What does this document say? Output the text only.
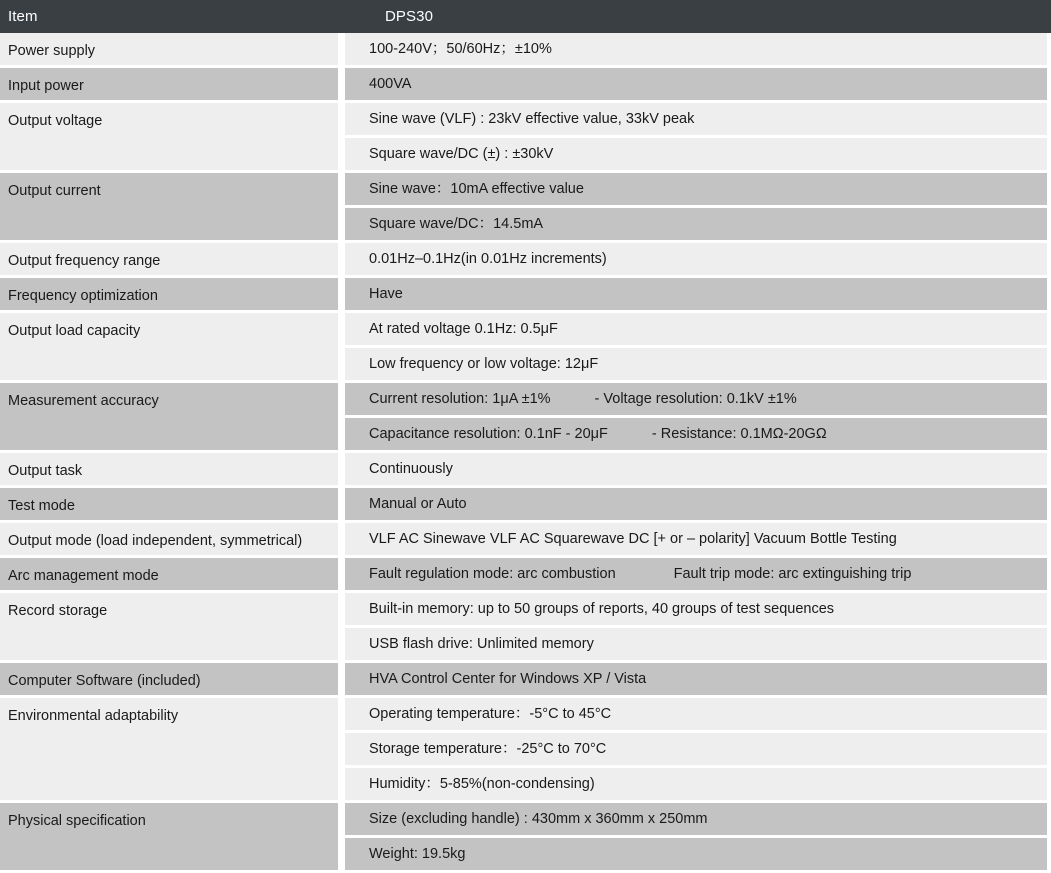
Item		DPS30	
Power supply		100-240V；50/60Hz；±10%	
Input power		400VA	
Output voltage		Sine wave (VLF) : 23kV effective value, 33kV peak	
		Square wave/DC (±) : ±30kV	
Output current		Sine wave：10mA effective value	
		Square wave/DC：14.5mA	
Output frequency range		0.01Hz–0.1Hz(in 0.01Hz increments)	
Frequency optimization		Have	
Output load capacity		At rated voltage 0.1Hz: 0.5μF	
		Low frequency or low voltage: 12μF	
Measurement accuracy		Current resolution: 1μA ±1% - Voltage resolution: 0.1kV ±1%	
		Capacitance resolution: 0.1nF - 20μF - Resistance: 0.1MΩ-20GΩ	
Output task		Continuously	
Test mode		Manual or Auto	
Output mode (load independent, symmetrical)		VLF AC Sinewave VLF AC Squarewave DC [+ or – polarity] Vacuum Bottle Testing	
Arc management mode		Fault regulation mode: arc combustion Fault trip mode: arc extinguishing trip	
Record storage		Built-in memory: up to 50 groups of reports, 40 groups of test sequences	
		USB flash drive: Unlimited memory	
Computer Software (included)		HVA Control Center for Windows XP / Vista	
Environmental adaptability		Operating temperature：-5°C to 45°C	
		Storage temperature：-25°C to 70°C	
		Humidity：5-85%(non-condensing)	
Physical specification		Size (excluding handle) : 430mm x 360mm x 250mm	
		Weight: 19.5kg	
